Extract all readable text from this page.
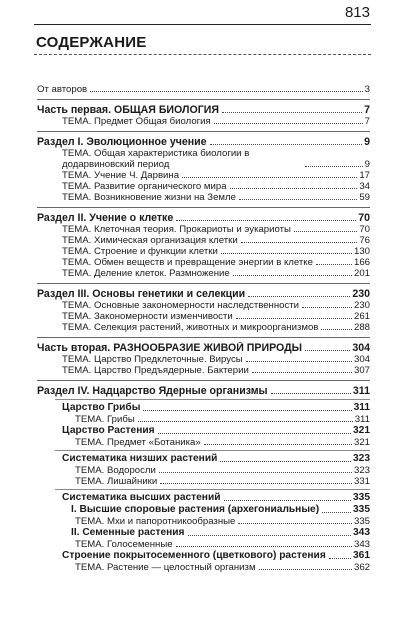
813
СОДЕРЖАНИЕ
От авторов	3
Часть первая. ОБЩАЯ БИОЛОГИЯ	7
ТЕМА. Предмет Общая биология	7
Раздел I. Эволюционное учение	9
ТЕМА. Общая характеристика биологии в додарвиновский период	9
ТЕМА. Учение Ч. Дарвина	17
ТЕМА. Развитие органического мира	34
ТЕМА. Возникновение жизни на Земле	59
Раздел II. Учение о клетке	70
ТЕМА. Клеточная теория. Прокариоты и эукариоты	70
ТЕМА. Химическая организация клетки	76
ТЕМА. Строение и функции клетки	130
ТЕМА. Обмен веществ и превращение энергии в клетке	166
ТЕМА. Деление клеток. Размножение	201
Раздел III. Основы генетики и селекции	230
ТЕМА. Основные закономерности наследственности	230
ТЕМА. Закономерности изменчивости	261
ТЕМА. Селекция растений, животных и микроорганизмов	288
Часть вторая. РАЗНООБРАЗИЕ ЖИВОЙ ПРИРОДЫ	304
ТЕМА. Царство Предклеточные. Вирусы	304
ТЕМА. Царство Предъядерные. Бактерии	307
Раздел IV. Надцарство Ядерные организмы	311
Царство Грибы	311
ТЕМА. Грибы	311
Царство Растения	321
ТЕМА. Предмет «Ботаника»	321
Систематика низших растений	323
ТЕМА. Водоросли	323
ТЕМА. Лишайники	331
Систематика высших растений	335
I. Высшие споровые растения (архегониальные)	335
ТЕМА. Мхи и папоротникообразные	335
II. Семенные растения	343
ТЕМА. Голосеменные	343
Строение покрытосеменного (цветкового) растения	361
ТЕМА. Растение — целостный организм	362
